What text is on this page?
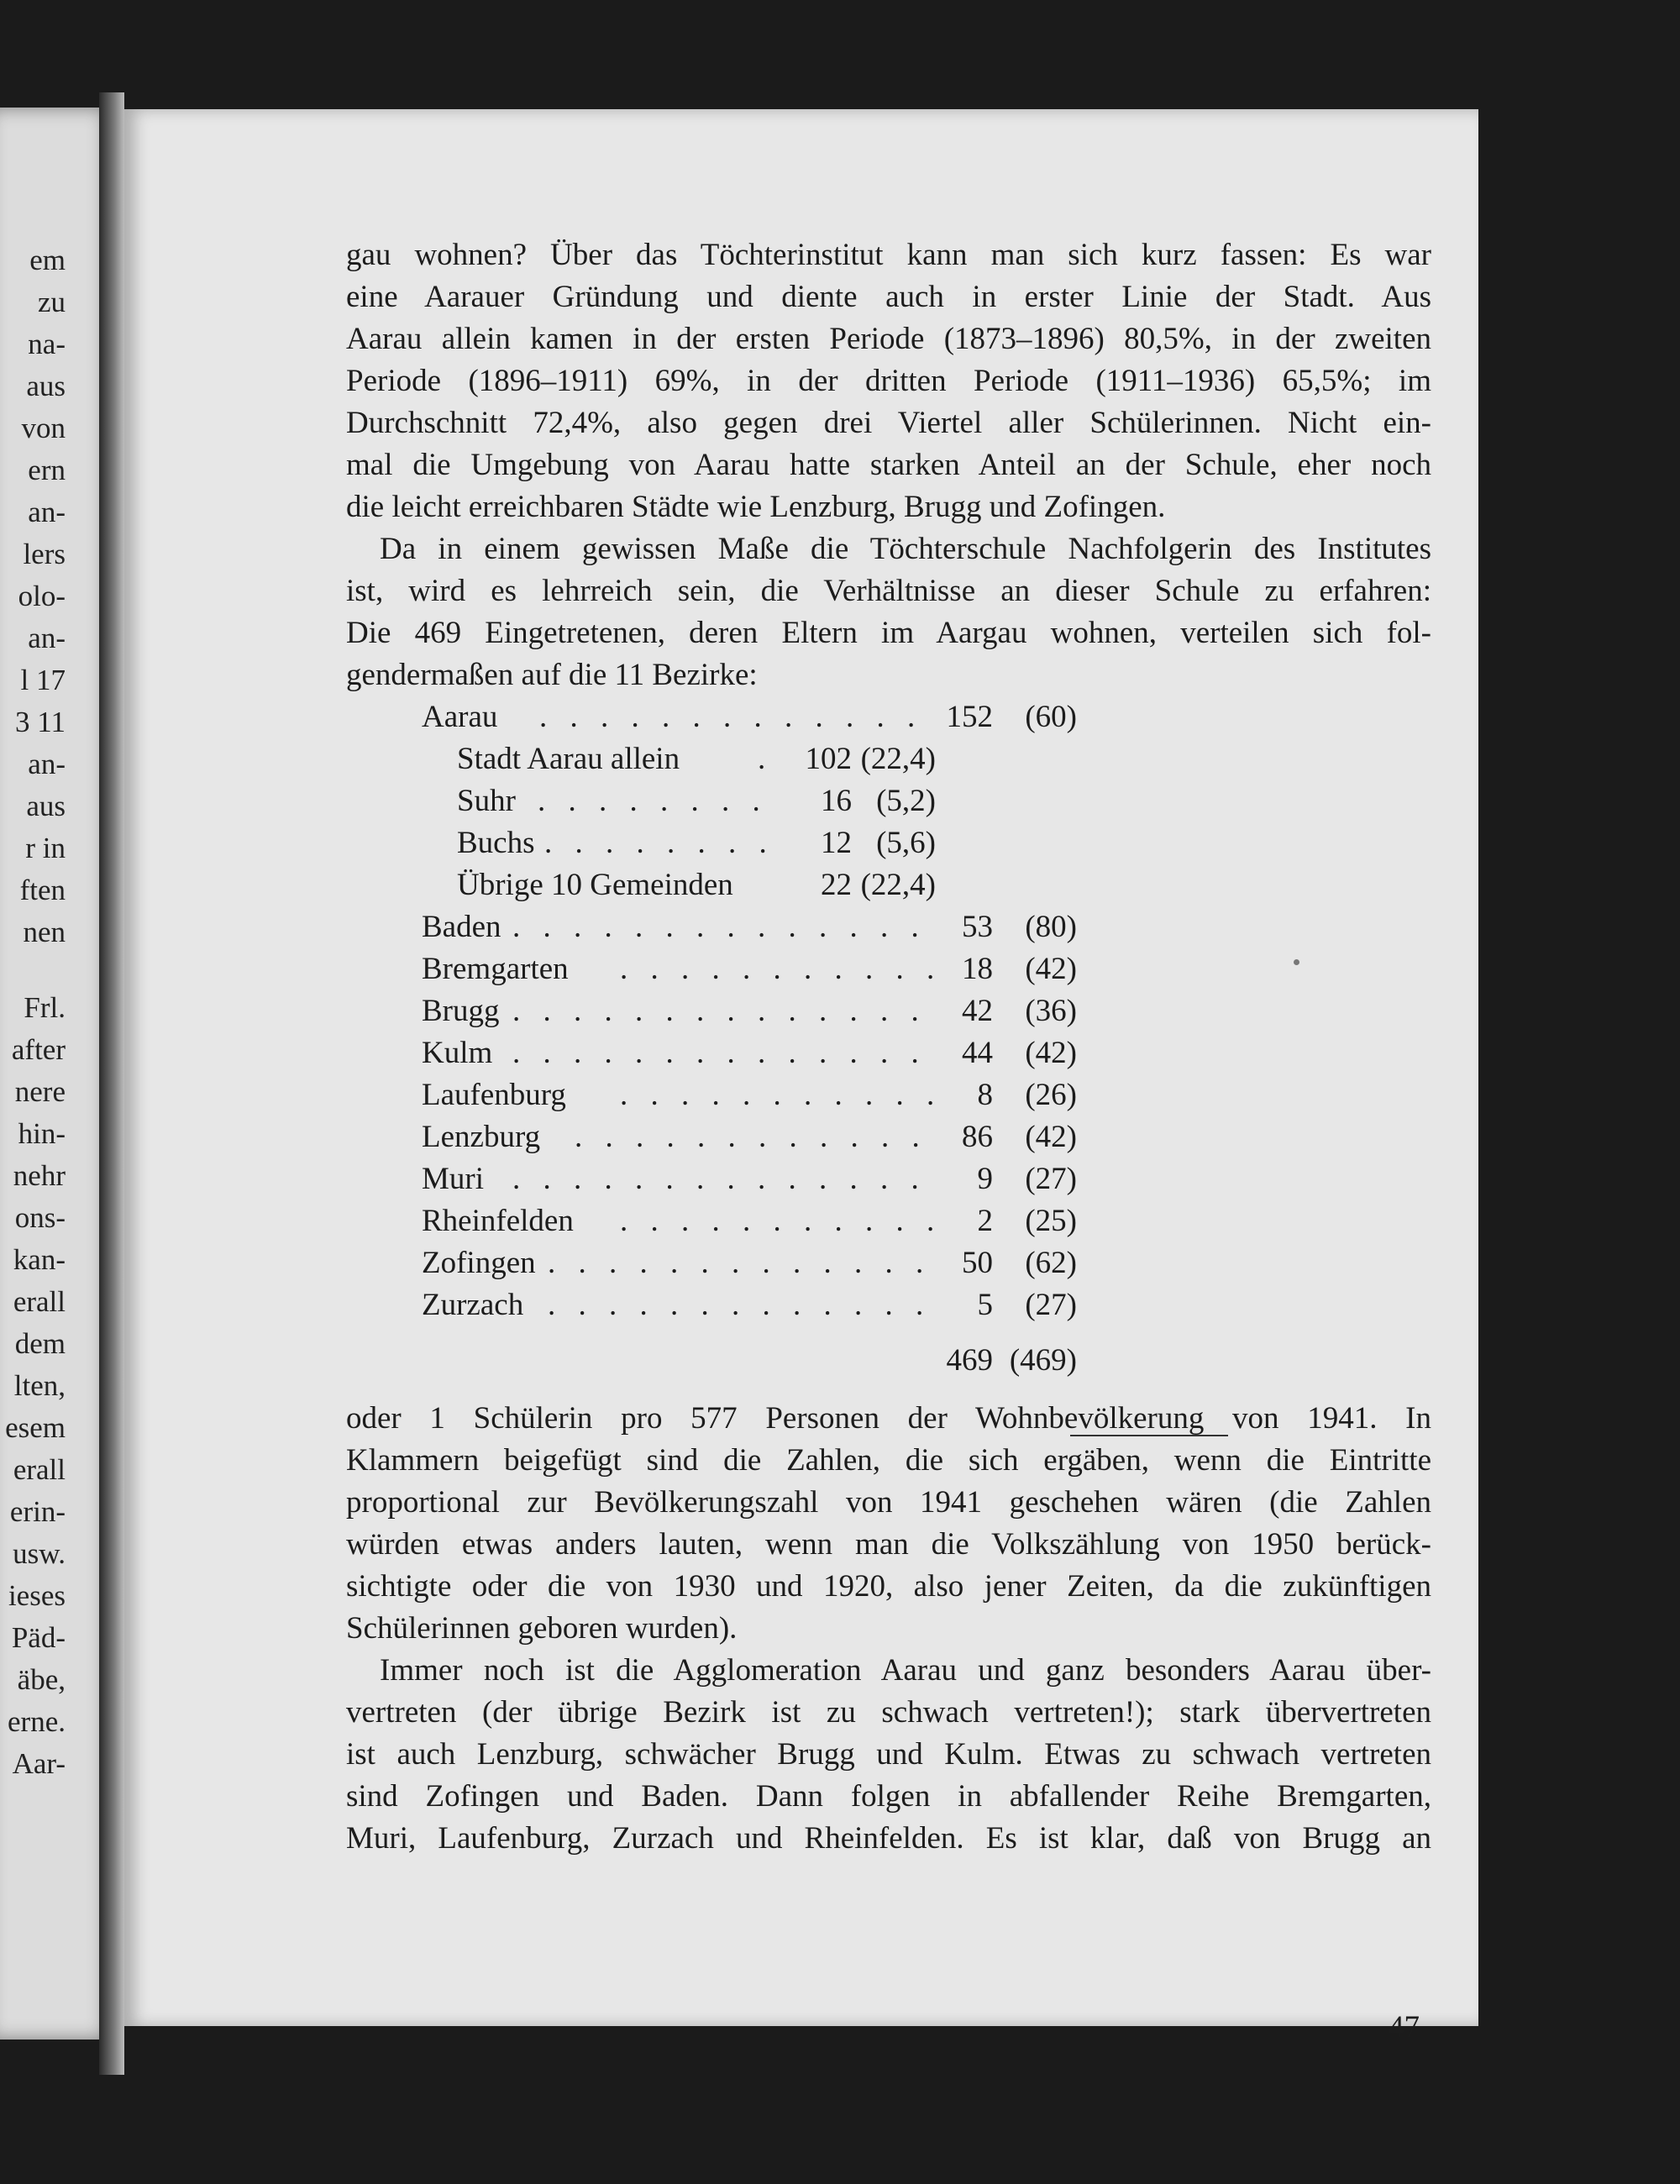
em
zu
na-
aus
von
ern
an-
lers
olo-
an-
l 17
3 11
an-
aus
r in
ften
nen
Frl.
after
nere
hin-
nehr
ons-
kan-
erall
dem
lten,
esem
erall
erin-
usw.
ieses
Päd-
äbe,
erne.
Aar-
gau wohnen? Über das Töchterinstitut kann man sich kurz fassen: Es war
eine Aarauer Gründung und diente auch in erster Linie der Stadt. Aus
Aarau allein kamen in der ersten Periode (1873–1896) 80,5%, in der zweiten
Periode (1896–1911) 69%, in der dritten Periode (1911–1936) 65,5%; im
Durchschnitt 72,4%, also gegen drei Viertel aller Schülerinnen. Nicht ein-
mal die Umgebung von Aarau hatte starken Anteil an der Schule, eher noch
die leicht erreichbaren Städte wie Lenzburg, Brugg und Zofingen.
Da in einem gewissen Maße die Töchterschule Nachfolgerin des Institutes
ist, wird es lehrreich sein, die Verhältnisse an dieser Schule zu erfahren:
Die 469 Eingetretenen, deren Eltern im Aargau wohnen, verteilen sich fol-
gendermaßen auf die 11 Bezirke:
Aarau . . . . . . . . . . . . . 152	(60)
Stadt Aarau allein	. 102 (22,4)
Suhr . . . . . . . .	16 (5,2)
Buchs . . . . . . . .	12 (5,6)
Übrige 10 Gemeinden	22 (22,4)
Baden . . . . . . . . . . . . . .	53	(80)
Bremgarten . . . . . . . . . . . 18	(42)
Brugg . . . . . . . . . . . . . .	42	(36)
Kulm . . . . . . . . . . . . . .	44	(42)
Laufenburg . . . . . . . . . . .	8	(26)
Lenzburg . . . . . . . . . . . .	86	(42)
Muri . . . . . . . . . . . . . .	9	(27)
Rheinfelden . . . . . . . . . . .	2	(25)
Zofingen . . . . . . . . . . . . . 50	(62)
Zurzach . . . . . . . . . . . . .	5	(27)
469 (469)
oder 1 Schülerin pro 577 Personen der Wohnbevölkerung von 1941. In
Klammern beigefügt sind die Zahlen, die sich ergäben, wenn die Eintritte
proportional zur Bevölkerungszahl von 1941 geschehen wären (die Zahlen
würden etwas anders lauten, wenn man die Volkszählung von 1950 berück-
sichtigte oder die von 1930 und 1920, also jener Zeiten, da die zukünftigen
Schülerinnen geboren wurden).
Immer noch ist die Agglomeration Aarau und ganz besonders Aarau über-
vertreten (der übrige Bezirk ist zu schwach vertreten!); stark übervertreten
ist auch Lenzburg, schwächer Brugg und Kulm. Etwas zu schwach vertreten
sind Zofingen und Baden. Dann folgen in abfallender Reihe Bremgarten,
Muri, Laufenburg, Zurzach und Rheinfelden. Es ist klar, daß von Brugg an
47
